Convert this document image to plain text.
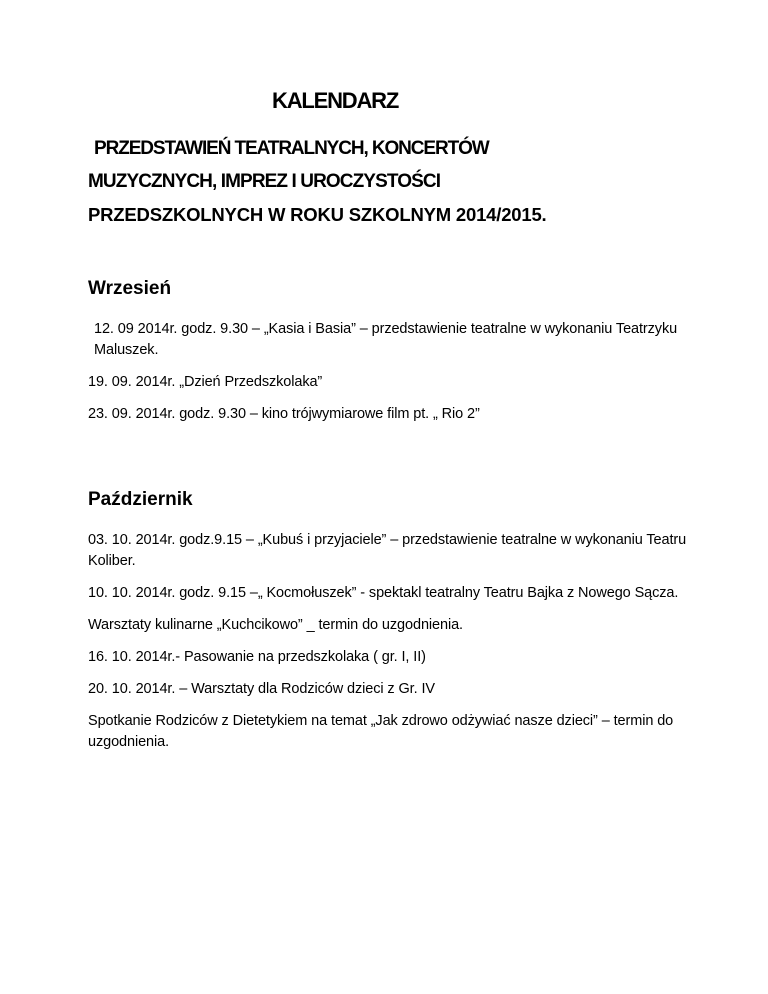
KALENDARZ
PRZEDSTAWIEŃ TEATRALNYCH, KONCERTÓW
MUZYCZNYCH, IMPREZ I UROCZYSTOŚCI
PRZEDSZKOLNYCH W ROKU SZKOLNYM 2014/2015.
Wrzesień

12. 09 2014r. godz. 9.30 – „Kasia i Basia” – przedstawienie teatralne w wykonaniu Teatrzyku Maluszek.

19. 09. 2014r. „Dzień Przedszkolaka”

23. 09. 2014r. godz. 9.30 – kino trójwymiarowe film pt. „ Rio 2”

Październik

03. 10. 2014r. godz.9.15 – „Kubuś i przyjaciele” – przedstawienie teatralne w wykonaniu Teatru Koliber.

10. 10. 2014r. godz. 9.15 –„ Kocmołuszek” - spektakl teatralny Teatru Bajka z Nowego Sącza.

Warsztaty kulinarne „Kuchcikowo” _ termin do uzgodnienia.

16. 10. 2014r.- Pasowanie na przedszkolaka ( gr. I, II)

20. 10. 2014r. – Warsztaty dla Rodziców dzieci z Gr. IV

Spotkanie Rodziców z Dietetykiem na temat „Jak zdrowo odżywiać nasze dzieci” – termin do uzgodnienia.
